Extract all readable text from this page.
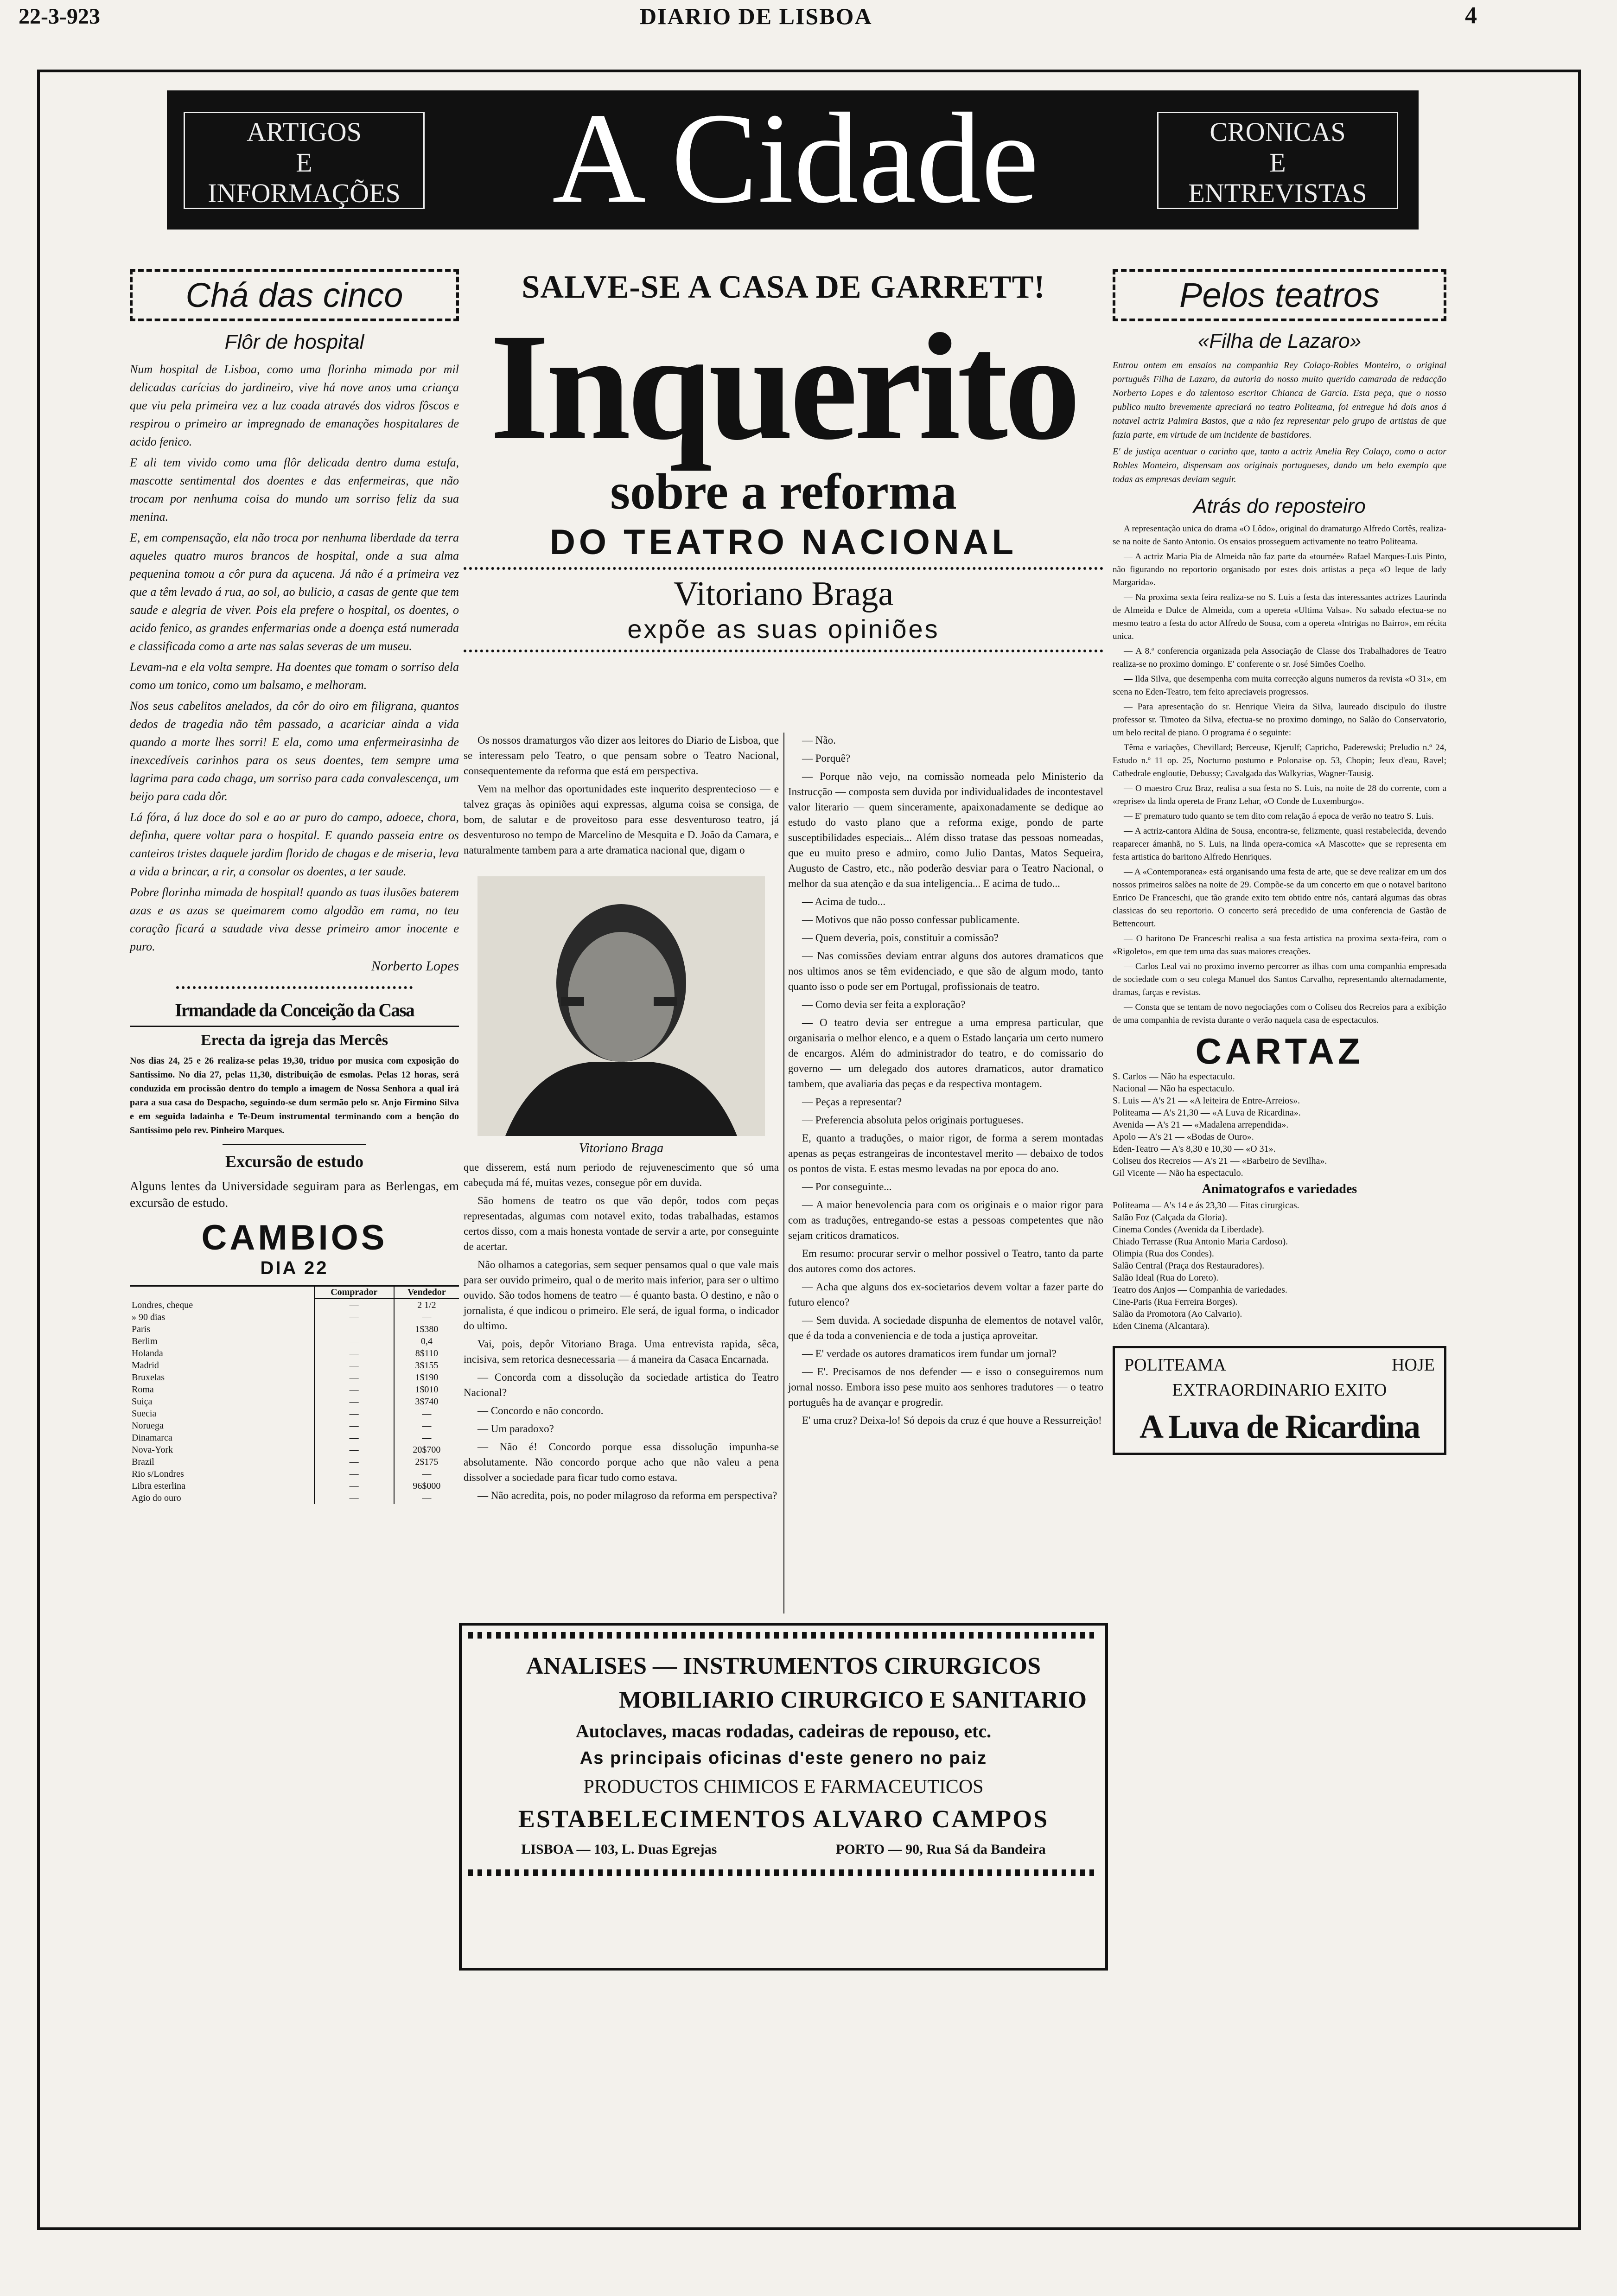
22-3-923	DIARIO DE LISBOA	4
ARTIGOS
E
INFORMAÇÕES	A Cidade	CRONICAS
E
ENTREVISTAS
Chá das cinco
Flôr de hospital

Num hospital de Lisboa, como uma florinha mimada por mil delicadas carícias do jardineiro, vive há nove anos uma criança que viu pela primeira vez a luz coada através dos vidros fôscos e respirou o primeiro ar impregnado de emanações hospitalares de acido fenico.

E ali tem vivido como uma flôr delicada dentro duma estufa, mascotte sentimental dos doentes e das enfermeiras, que não trocam por nenhuma coisa do mundo um sorriso feliz da sua menina.

E, em compensação, ela não troca por nenhuma liberdade da terra aqueles quatro muros brancos de hospital, onde a sua alma pequenina tomou a côr pura da açucena. Já não é a primeira vez que a têm levado á rua, ao sol, ao bulicio, a casas de gente que tem saude e alegria de viver. Pois ela prefere o hospital, os doentes, o acido fenico, as grandes enfermarias onde a doença está numerada e classificada como a arte nas salas severas de um museu.

Levam-na e ela volta sempre. Ha doentes que tomam o sorriso dela como um tonico, como um balsamo, e melhoram.

Nos seus cabelitos anelados, da côr do oiro em filigrana, quantos dedos de tragedia não têm passado, a acariciar ainda a vida quando a morte lhes sorri! E ela, como uma enfermeirasinha de inexcedíveis carinhos para os seus doentes, tem sempre uma lagrima para cada chaga, um sorriso para cada convalescença, um beijo para cada dôr.

Lá fóra, á luz doce do sol e ao ar puro do campo, adoece, chora, definha, quere voltar para o hospital. E quando passeia entre os canteiros tristes daquele jardim florido de chagas e de miseria, leva a vida a brincar, a rir, a consolar os doentes, a ter saude.

Pobre florinha mimada de hospital! quando as tuas ilusões baterem azas e as azas se queimarem como algodão em rama, no teu coração ficará a saudade viva desse primeiro amor inocente e puro.

Norberto Lopes
Irmandade da Conceição da Casa
Erecta da igreja das Mercês
Nos dias 24, 25 e 26 realiza-se pelas 19,30, triduo por musica com exposição do Santissimo. No dia 27, pelas 11,30, distribuição de esmolas. Pelas 12 horas, será conduzida em procissão dentro do templo a imagem de Nossa Senhora a qual irá para a sua casa do Despacho, seguindo-se dum sermão pelo sr. Anjo Firmino Silva e em seguida ladainha e Te-Deum instrumental terminando com a benção do Santissimo pelo rev. Pinheiro Marques.
Excursão de estudo
Alguns lentes da Universidade seguiram para as Berlengas, em excursão de estudo.
CAMBIOS
DIA 22
	Comprador	Vendedor
Londres, cheque	—	2 1/2
» 90 dias	—	—
Paris	—	1$380
Berlim	—	0,4
Holanda	—	8$110
Madrid	—	3$155
Bruxelas	—	1$190
Roma	—	1$010
Suiça	—	3$740
Suecia	—	—
Noruega	—	—
Dinamarca	—	—
Nova-York	—	20$700
Brazil	—	2$175
Rio s/Londres	—	—
Libra esterlina	—	96$000
Agio do ouro	—	—
SALVE-SE A CASA DE GARRETT!
Inquerito
sobre a reforma
DO TEATRO NACIONAL
Vitoriano Braga
expõe as suas opiniões

Os nossos dramaturgos vão dizer aos leitores do Diario de Lisboa, que se interessam pelo Teatro, o que pensam sobre o Teatro Nacional, consequentemente da reforma que está em perspectiva.

Vem na melhor das oportunidades este inquerito desprentecioso — e talvez graças às opiniões aqui expressas, alguma coisa se consiga, de bom, de salutar e de proveitoso para esse desventuroso teatro, já desventuroso no tempo de Marcelino de Mesquita e D. João da Camara, e naturalmente tambem para a arte dramatica nacional que, digam o

Vitoriano Braga

que disserem, está num periodo de rejuvenescimento que só uma cabeçuda má fé, muitas vezes, consegue pôr em duvida.

São homens de teatro os que vão depôr, todos com peças representadas, algumas com notavel exito, todas trabalhadas, estamos certos disso, com a mais honesta vontade de servir a arte, por conseguinte de acertar.

Não olhamos a categorias, sem sequer pensamos qual o que vale mais para ser ouvido primeiro, qual o de merito mais inferior, para ser o ultimo ouvido. São todos homens de teatro — é quanto basta. O destino, e não o jornalista, é que indicou o primeiro. Ele será, de igual forma, o indicador do ultimo.

Vai, pois, depôr Vitoriano Braga. Uma entrevista rapida, sêca, incisiva, sem retorica desnecessaria — á maneira da Casaca Encarnada.

— Concorda com a dissolução da sociedade artistica do Teatro Nacional?

— Concordo e não concordo.

— Um paradoxo?

— Não é! Concordo porque essa dissolução impunha-se absolutamente. Não concordo porque acho que não valeu a pena dissolver a sociedade para ficar tudo como estava.

— Não acredita, pois, no poder milagroso da reforma em perspectiva?

— Não.

— Porquê?

— Porque não vejo, na comissão nomeada pelo Ministerio da Instrucção — composta sem duvida por individualidades de incontestavel valor literario — quem sinceramente, apaixonadamente se dedique ao estudo do vasto plano que a reforma exige, pondo de parte susceptibilidades especiais... Além disso tratase das pessoas nomeadas, que eu muito preso e admiro, como Julio Dantas, Matos Sequeira, Augusto de Castro, etc., não poderão desviar para o Teatro Nacional, o melhor da sua atenção e da sua inteligencia... E acima de tudo...

— Acima de tudo...

— Motivos que não posso confessar publicamente.

— Quem deveria, pois, constituir a comissão?

— Nas comissões deviam entrar alguns dos autores dramaticos que nos ultimos anos se têm evidenciado, e que são de algum modo, tanto quanto isso o pode ser em Portugal, profissionais de teatro.

— Como devia ser feita a exploração?

— O teatro devia ser entregue a uma empresa particular, que organisaria o melhor elenco, e a quem o Estado lançaria um certo numero de encargos. Além do administrador do teatro, e do comissario do governo — um delegado dos autores dramaticos, autor dramatico tambem, que avaliaria das peças e da respectiva montagem.

— Peças a representar?

— Preferencia absoluta pelos originais portugueses.

E, quanto a traduções, o maior rigor, de forma a serem montadas apenas as peças estrangeiras de incontestavel merito — debaixo de todos os pontos de vista. E estas mesmo levadas na por epoca do ano.

— Por conseguinte...

— A maior benevolencia para com os originais e o maior rigor para com as traduções, entregando-se estas a pessoas competentes que não sejam criticos dramaticos.

Em resumo: procurar servir o melhor possivel o Teatro, tanto da parte dos autores como dos actores.

— Acha que alguns dos ex-societarios devem voltar a fazer parte do futuro elenco?

— Sem duvida. A sociedade dispunha de elementos de notavel valôr, que é da toda a conveniencia e de toda a justiça aproveitar.

— E' verdade os autores dramaticos irem fundar um jornal?

— E'. Precisamos de nos defender — e isso o conseguiremos num jornal nosso. Embora isso pese muito aos senhores tradutores — o teatro português ha de avançar e progredir.

E' uma cruz? Deixa-lo! Só depois da cruz é que houve a Ressurreição!

ANALISES — INSTRUMENTOS CIRURGICOS
MOBILIARIO CIRURGICO E SANITARIO
Autoclaves, macas rodadas, cadeiras de repouso, etc.
As principais oficinas d'este genero no paiz
PRODUCTOS CHIMICOS E FARMACEUTICOS
ESTABELECIMENTOS ALVARO CAMPOS
LISBOA — 103, L. Duas Egrejas	PORTO — 90, Rua Sá da Bandeira
Pelos teatros
«Filha de Lazaro»

Entrou ontem em ensaios na companhia Rey Colaço-Robles Monteiro, o original português Filha de Lazaro, da autoria do nosso muito querido camarada de redacção Norberto Lopes e do talentoso escritor Chianca de Garcia. Esta peça, que o nosso publico muito brevemente apreciará no teatro Politeama, foi entregue há dois anos á notavel actriz Palmira Bastos, que a não fez representar pelo grupo de artistas de que fazia parte, em virtude de um incidente de bastidores.

E' de justiça acentuar o carinho que, tanto a actriz Amelia Rey Colaço, como o actor Robles Monteiro, dispensam aos originais portugueses, dando um belo exemplo que todas as empresas deviam seguir.

Atrás do reposteiro

A representação unica do drama «O Lôdo», original do dramaturgo Alfredo Cortês, realiza-se na noite de Santo Antonio. Os ensaios prosseguem activamente no teatro Politeama.

— A actriz Maria Pia de Almeida não faz parte da «tournée» Rafael Marques-Luis Pinto, não figurando no reportorio organisado por estes dois artistas a peça «O leque de lady Margarida».

— Na proxima sexta feira realiza-se no S. Luis a festa das interessantes actrizes Laurinda de Almeida e Dulce de Almeida, com a opereta «Ultima Valsa». No sabado efectua-se no mesmo teatro a festa do actor Alfredo de Sousa, com a opereta «Intrigas no Bairro», em récita unica.

— A 8.ª conferencia organizada pela Associação de Classe dos Trabalhadores de Teatro realiza-se no proximo domingo. E' conferente o sr. José Simões Coelho.

— Ilda Silva, que desempenha com muita correcção alguns numeros da revista «O 31», em scena no Eden-Teatro, tem feito apreciaveis progressos.

— Para apresentação do sr. Henrique Vieira da Silva, laureado discipulo do ilustre professor sr. Timoteo da Silva, efectua-se no proximo domingo, no Salão do Conservatorio, um belo recital de piano. O programa é o seguinte:

Têma e variações, Chevillard; Berceuse, Kjerulf; Capricho, Paderewski; Preludio n.º 24, Estudo n.º 11 op. 25, Nocturno postumo e Polonaise op. 53, Chopin; Jeux d'eau, Ravel; Cathedrale engloutie, Debussy; Cavalgada das Walkyrias, Wagner-Tausig.

— O maestro Cruz Braz, realisa a sua festa no S. Luis, na noite de 28 do corrente, com a «reprise» da linda opereta de Franz Lehar, «O Conde de Luxemburgo».

— E' prematuro tudo quanto se tem dito com relação á epoca de verão no teatro S. Luis.

— A actriz-cantora Aldina de Sousa, encontra-se, felizmente, quasi restabelecida, devendo reaparecer ámanhã, no S. Luis, na linda opera-comica «A Mascotte» que se representa em festa artistica do baritono Alfredo Henriques.

— A «Contemporanea» está organisando uma festa de arte, que se deve realizar em um dos nossos primeiros salões na noite de 29. Compõe-se da um concerto em que o notavel baritono Enrico De Franceschi, que tão grande exito tem obtido entre nós, cantará algumas das obras classicas do seu reportorio. O concerto será precedido de uma conferencia de Gastão de Bettencourt.

— O baritono De Franceschi realisa a sua festa artistica na proxima sexta-feira, com o «Rigoleto», em que tem uma das suas maiores creações.

— Carlos Leal vai no proximo inverno percorrer as ilhas com uma companhia empresada de sociedade com o seu colega Manuel dos Santos Carvalho, representando alternadamente, dramas, farças e revistas.

— Consta que se tentam de novo negociações com o Coliseu dos Recreios para a exibição de uma companhia de revista durante o verão naquela casa de espectaculos.

CARTAZ
S. Carlos — Não ha espectaculo.
Nacional — Não ha espectaculo.
S. Luis — A's 21 — «A leiteira de Entre-Arreios».
Politeama — A's 21,30 — «A Luva de Ricardina».
Avenida — A's 21 — «Madalena arrependida».
Apolo — A's 21 — «Bodas de Ouro».
Eden-Teatro — A's 8,30 e 10,30 — «O 31».
Coliseu dos Recreios — A's 21 — «Barbeiro de Sevilha».
Gil Vicente — Não ha espectaculo.
Animatografos e variedades
Politeama — A's 14 e ás 23,30 — Fitas cirurgicas.
Salão Foz (Calçada da Gloria).
Cinema Condes (Avenida da Liberdade).
Chiado Terrasse (Rua Antonio Maria Cardoso).
Olimpia (Rua dos Condes).
Salão Central (Praça dos Restauradores).
Salão Ideal (Rua do Loreto).
Teatro dos Anjos — Companhia de variedades.
Cine-Paris (Rua Ferreira Borges).
Salão da Promotora (Ao Calvario).
Eden Cinema (Alcantara).
POLITEAMA	HOJE
EXTRAORDINARIO EXITO
A Luva de Ricardina
